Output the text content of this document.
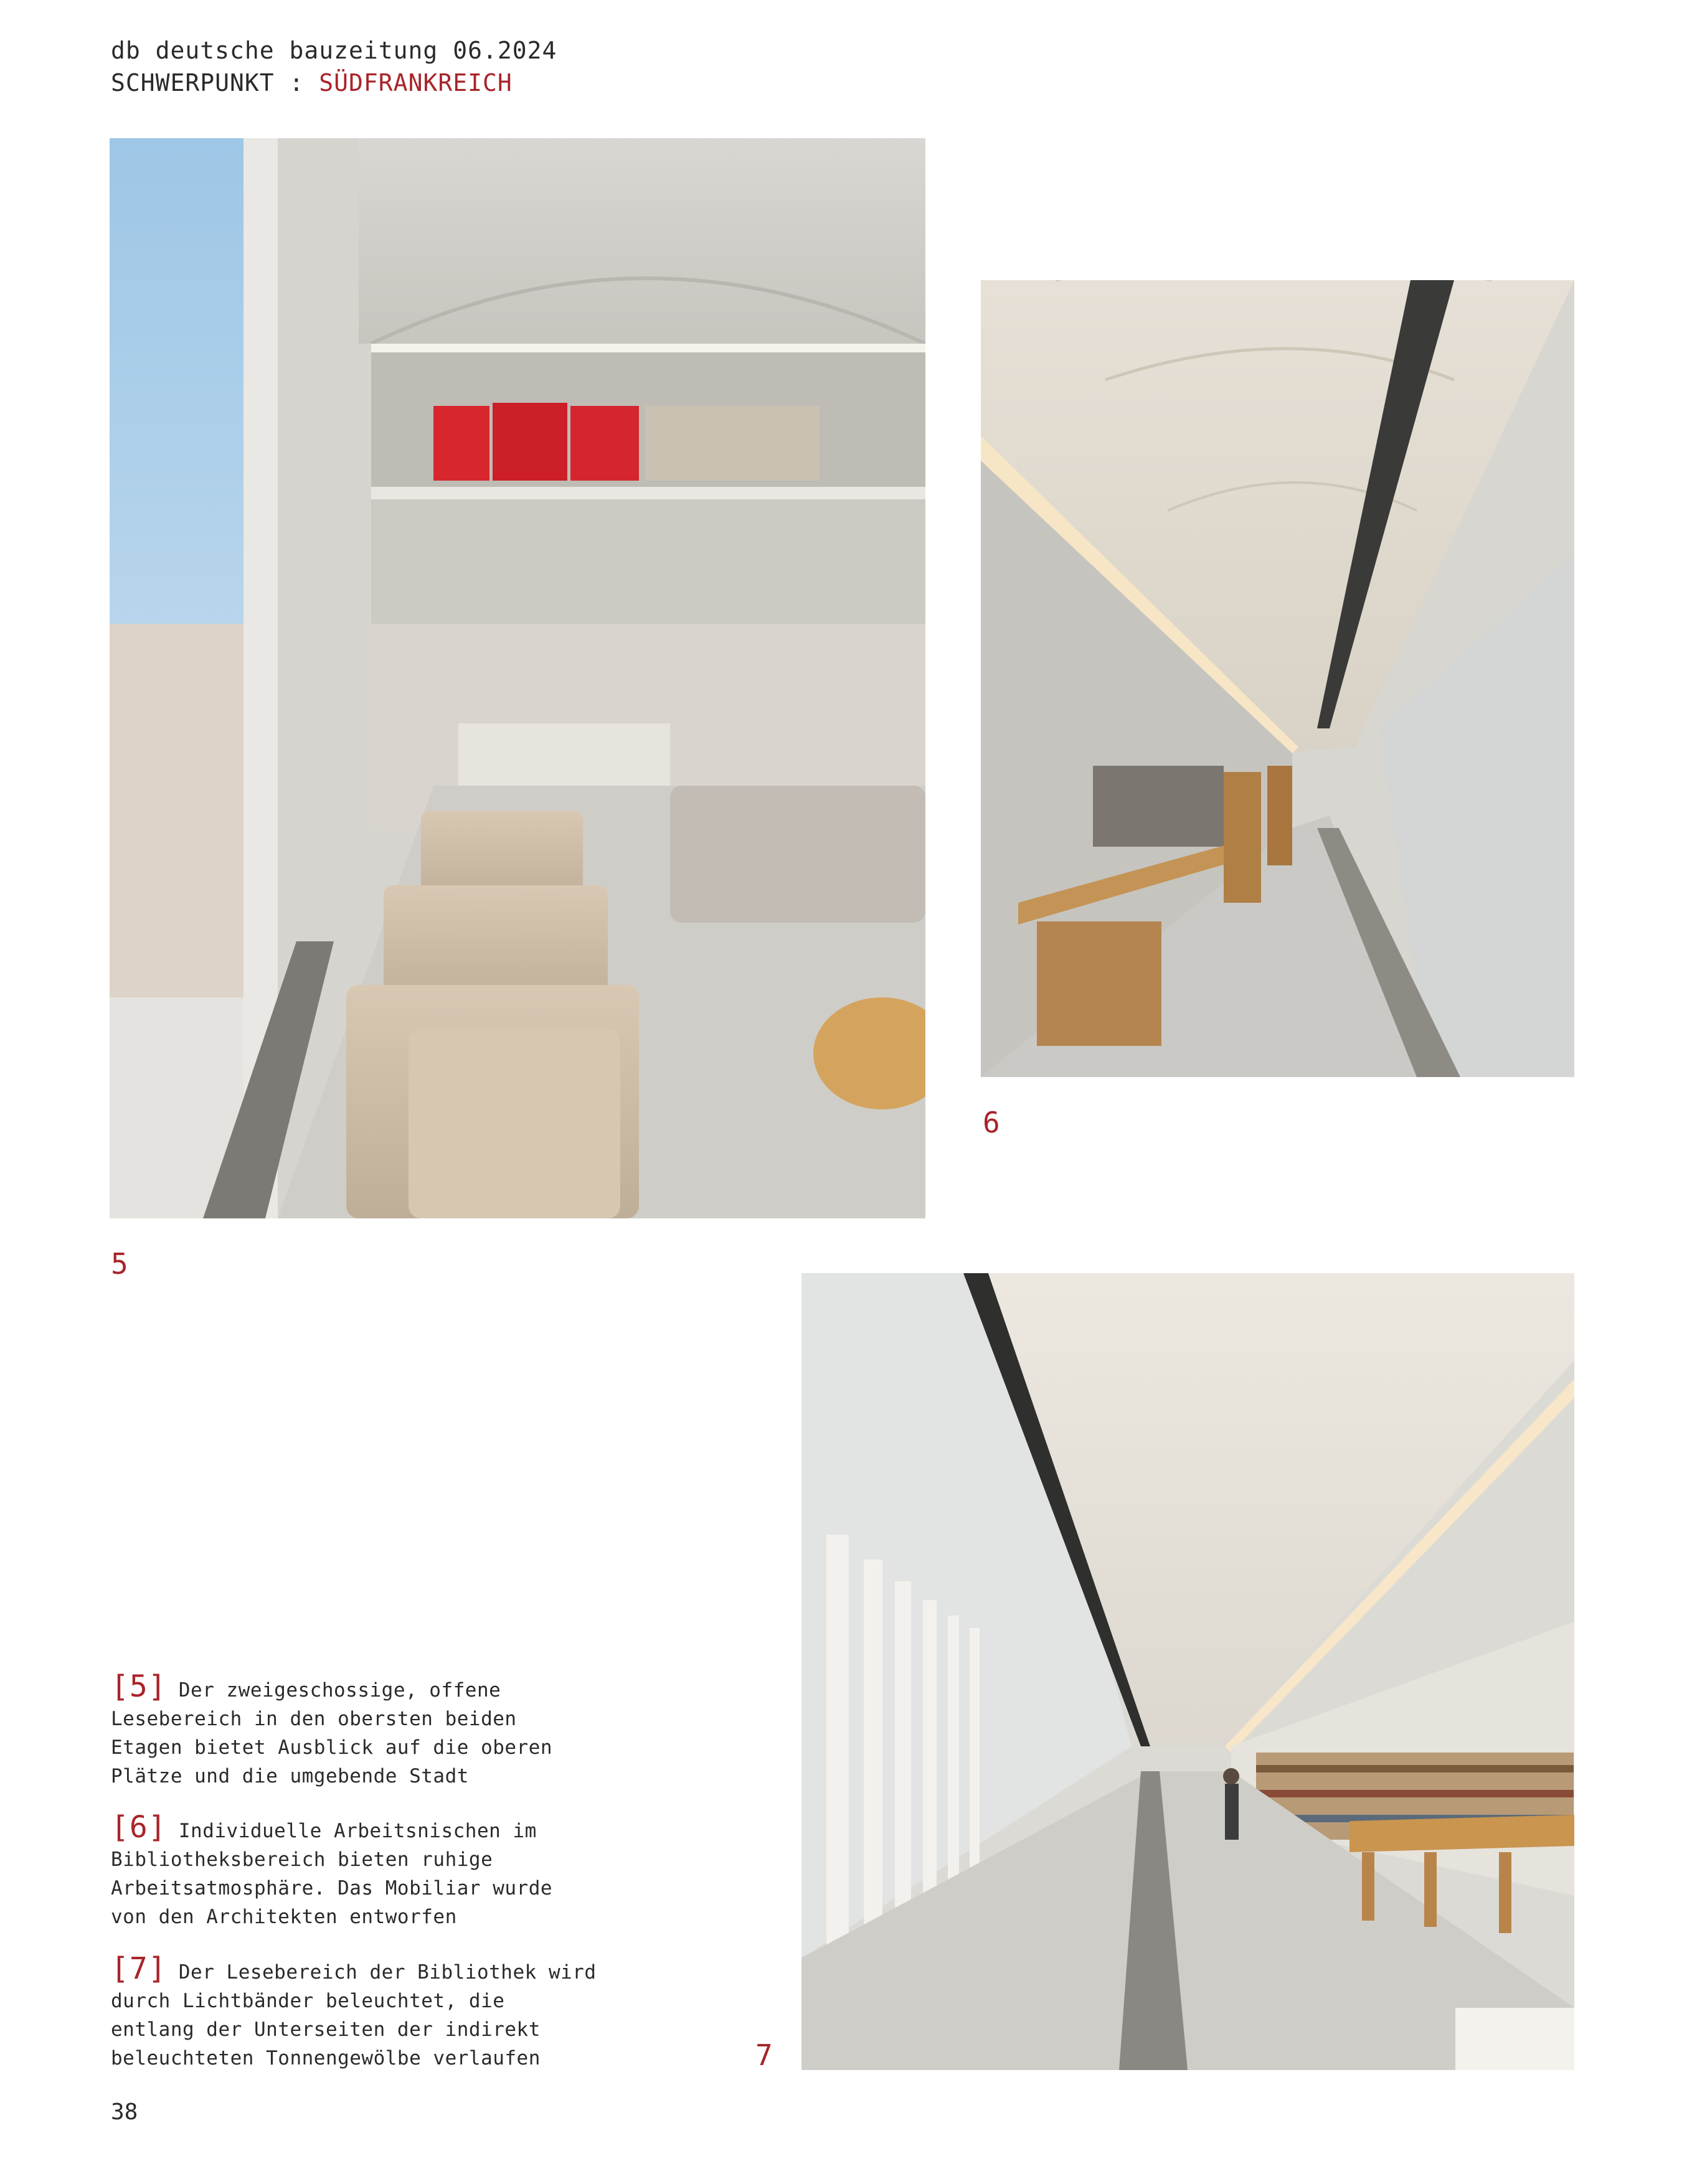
db deutsche bauzeitung 06.2024
SCHWERPUNKT : SÜDFRANKREICH
5
6
7
[5] Der zweigeschossige, offene Lesebereich in den obersten beiden Etagen bietet Ausblick auf die oberen Plätze und die umgebende Stadt
[6] Individuelle Arbeitsnischen im Bibliotheksbereich bieten ruhige Arbeitsatmosphäre. Das Mobiliar wurde von den Architekten entworfen
[7] Der Lesebereich der Bibliothek wird durch Lichtbänder beleuchtet, die entlang der Unterseiten der indirekt beleuchteten Tonnengewölbe verlaufen
38
